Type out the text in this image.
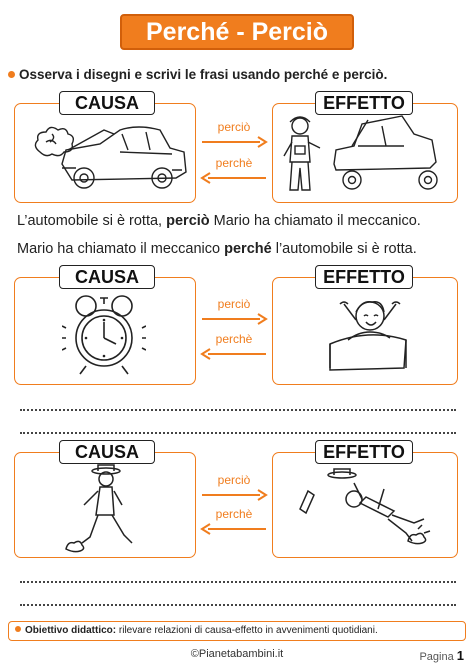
Perché - Perciò
Osserva i disegni e scrivi le frasi usando perché e perciò.
CAUSA	EFFETTO
perciò
perchè
L’automobile si è rotta, perciò Mario ha chiamato il meccanico.
Mario ha chiamato il meccanico perché l’automobile si è rotta.
CAUSA	EFFETTO
perciò
perchè
CAUSA	EFFETTO
perciò
perchè
Obiettivo didattico: rilevare relazioni di causa-effetto in avvenimenti quotidiani.
©Pianetabambini.it	Pagina 1
